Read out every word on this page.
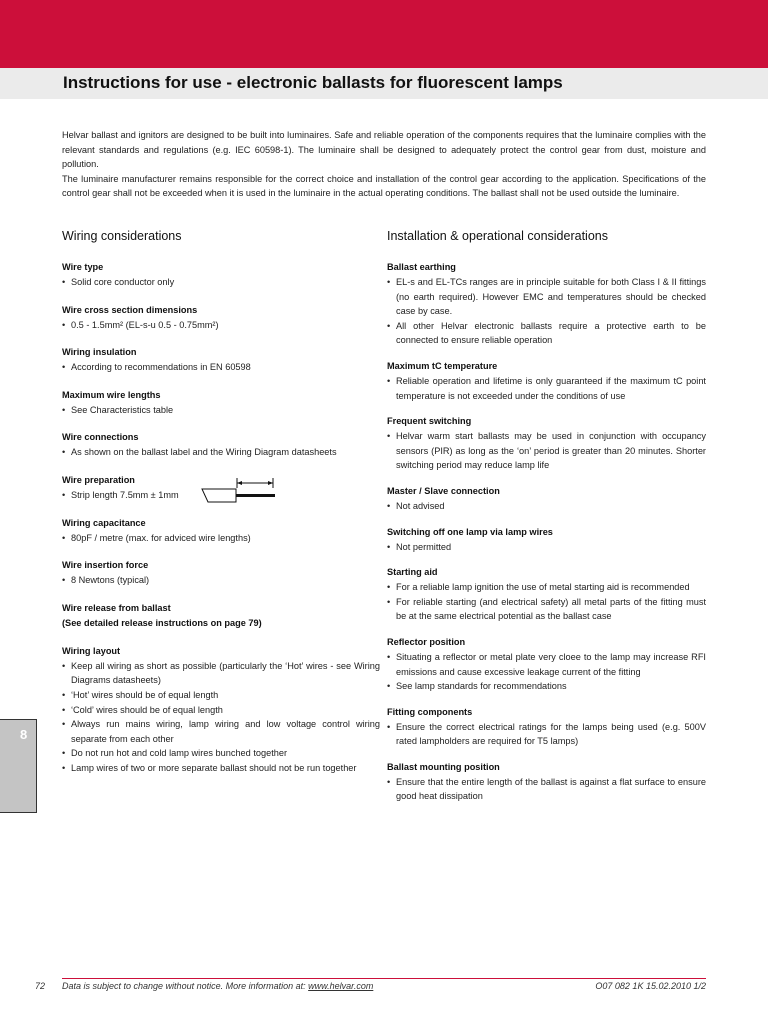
Instructions for use - electronic ballasts for fluorescent lamps

Helvar ballast and ignitors are designed to be built into luminaires. Safe and reliable operation of the components requires that the luminaire complies with the relevant standards and regulations (e.g. IEC 60598-1). The luminaire shall be designed to adequately protect the control gear from dust, moisture and pollution.

The luminaire manufacturer remains responsible for the correct choice and installation of the control gear according to the application. Specifications of the control gear shall not be exceeded when it is used in the luminaire in the actual operating conditions. The ballast shall not be used outside the luminaire.

Wiring considerations
Wire type
• Solid core conductor only
Wire cross section dimensions
• 0.5 - 1.5mm² (EL-s-u 0.5 - 0.75mm²)
Wiring insulation
• According to recommendations in EN 60598
Maximum wire lengths
• See Characteristics table
Wire connections
• As shown on the ballast label and the Wiring Diagram datasheets
Wire preparation
• Strip length 7.5mm ± 1mm
Wiring capacitance
• 80pF / metre (max. for adviced wire lengths)
Wire insertion force
• 8 Newtons (typical)
Wire release from ballast
(See detailed release instructions on page 79)
Wiring layout
• Keep all wiring as short as possible (particularly the ‘Hot’ wires - see Wiring Diagrams datasheets)
• ‘Hot’ wires should be of equal length
• ‘Cold’ wires should be of equal length
• Always run mains wiring, lamp wiring and low voltage control wiring separate from each other
• Do not run hot and cold lamp wires bunched together
• Lamp wires of two or more separate ballast should not be run together
Installation & operational considerations
Ballast earthing
• EL-s and EL-TCs ranges are in principle suitable for both Class I & II fittings (no earth required). However EMC and temperatures should be checked case by case.
• All other Helvar electronic ballasts require a protective earth to be connected to ensure reliable operation
Maximum tC temperature
• Reliable operation and lifetime is only guaranteed if the maximum tC point temperature is not exceeded under the conditions of use
Frequent switching
• Helvar warm start ballasts may be used in conjunction with occupancy sensors (PIR) as long as the ‘on’ period is greater than 20 minutes. Shorter switching period may reduce lamp life
Master / Slave connection
• Not advised
Switching off one lamp via lamp wires
• Not permitted
Starting aid
• For a reliable lamp ignition the use of metal starting aid is recommended
• For reliable starting (and electrical safety) all metal parts of the fitting must be at the same electrical potential as the ballast case
Reflector position
• Situating a reflector or metal plate very cloee to the lamp may increase RFI emissions and cause excessive leakage current of the fitting
• See lamp standards for recommendations
Fitting components
• Ensure the correct electrical ratings for the lamps being used (e.g. 500V rated lampholders are required for T5 lamps)
Ballast mounting position
• Ensure that the entire length of the ballast is against a flat surface to ensure good heat dissipation
8
72 Data is subject to change without notice. More information at: www.helvar.com	O07 082 1K 15.02.2010 1/2
